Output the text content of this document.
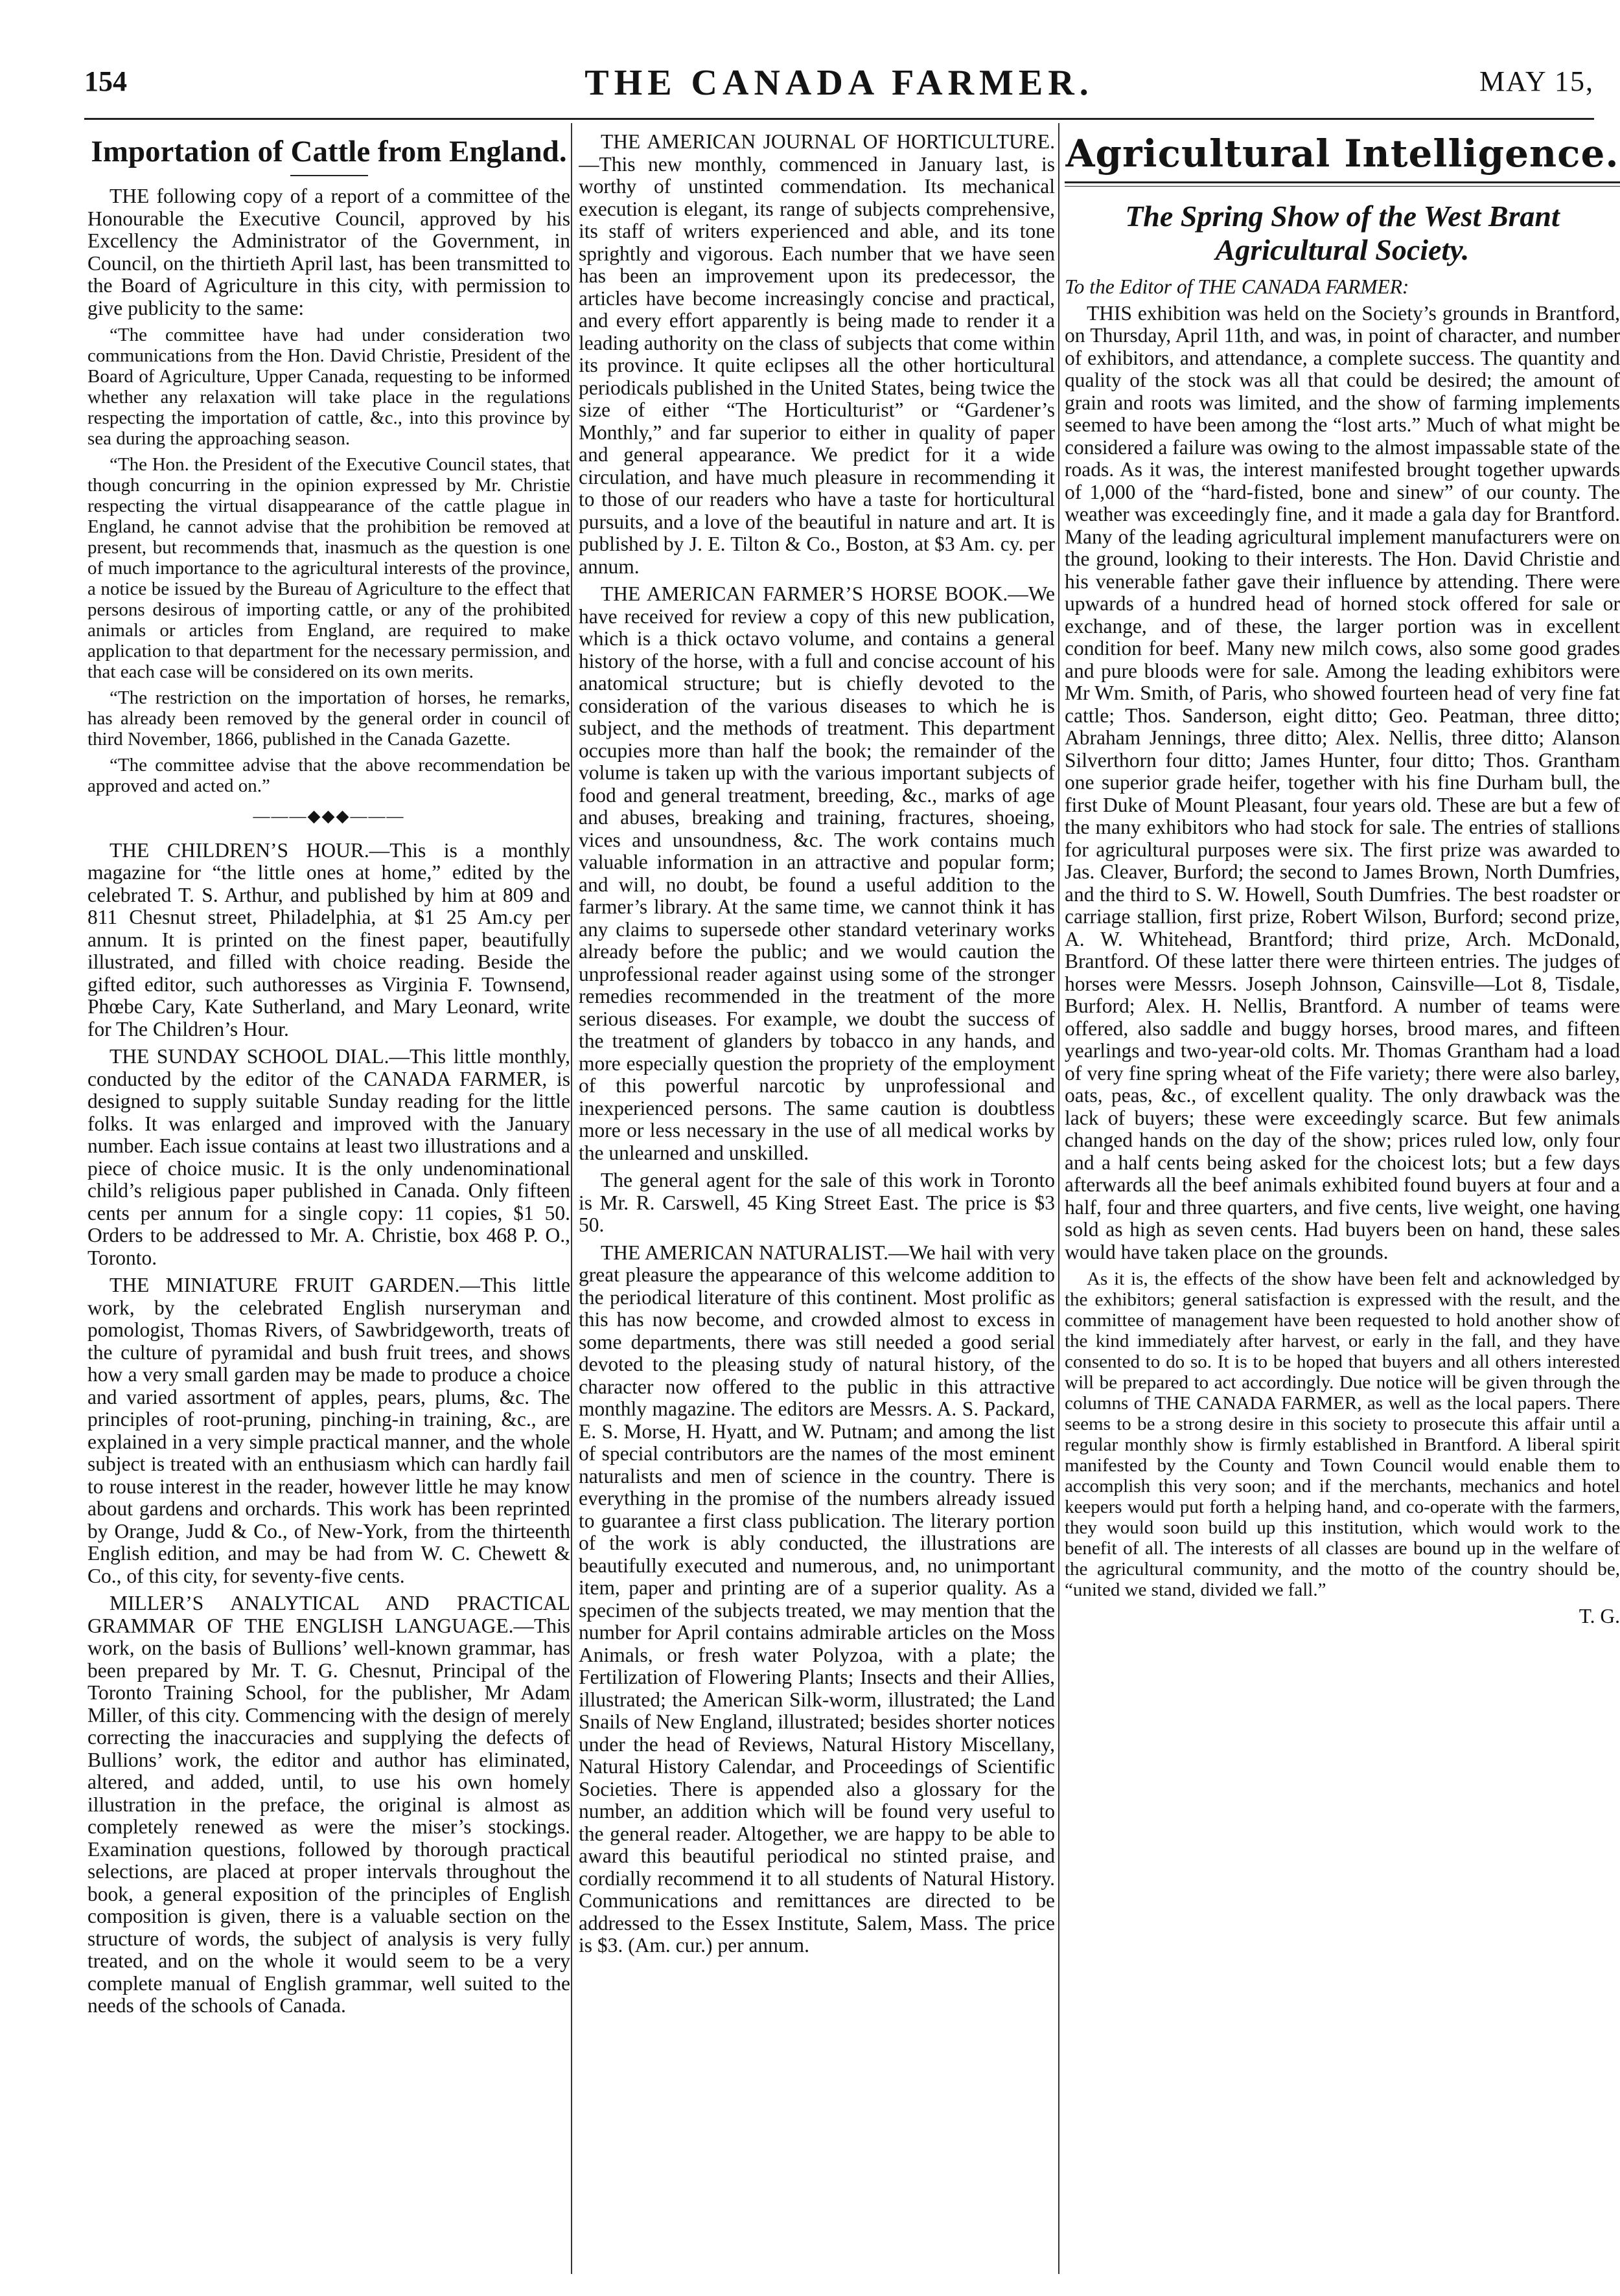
154	THE CANADA FARMER.	MAY 15,
Importation of Cattle from England.

THE following copy of a report of a committee of the Honourable the Executive Council, approved by his Excellency the Administrator of the Government, in Council, on the thirtieth April last, has been transmitted to the Board of Agriculture in this city, with permission to give publicity to the same:

“The committee have had under consideration two communications from the Hon. David Christie, President of the Board of Agriculture, Upper Canada, requesting to be informed whether any relaxation will take place in the regulations respecting the importation of cattle, &c., into this province by sea during the approaching season.

“The Hon. the President of the Executive Council states, that though concurring in the opinion expressed by Mr. Christie respecting the virtual disappearance of the cattle plague in England, he cannot advise that the prohibition be removed at present, but recommends that, inasmuch as the question is one of much importance to the agricultural interests of the province, a notice be issued by the Bureau of Agriculture to the effect that persons desirous of importing cattle, or any of the prohibited animals or articles from England, are required to make application to that department for the necessary permission, and that each case will be considered on its own merits.

“The restriction on the importation of horses, he remarks, has already been removed by the general order in council of third November, 1866, published in the Canada Gazette.

“The committee advise that the above recommendation be approved and acted on.”

———◆◆◆———

THE CHILDREN’S HOUR.—This is a monthly magazine for “the little ones at home,” edited by the celebrated T. S. Arthur, and published by him at 809 and 811 Chesnut street, Philadelphia, at $1 25 Am.cy per annum. It is printed on the finest paper, beautifully illustrated, and filled with choice reading. Beside the gifted editor, such authoresses as Virginia F. Townsend, Phœbe Cary, Kate Sutherland, and Mary Leonard, write for The Children’s Hour.

THE SUNDAY SCHOOL DIAL.—This little monthly, conducted by the editor of the CANADA FARMER, is designed to supply suitable Sunday reading for the little folks. It was enlarged and improved with the January number. Each issue contains at least two illustrations and a piece of choice music. It is the only undenominational child’s religious paper published in Canada. Only fifteen cents per annum for a single copy: 11 copies, $1 50. Orders to be addressed to Mr. A. Christie, box 468 P. O., Toronto.

THE MINIATURE FRUIT GARDEN.—This little work, by the celebrated English nurseryman and pomologist, Thomas Rivers, of Sawbridgeworth, treats of the culture of pyramidal and bush fruit trees, and shows how a very small garden may be made to produce a choice and varied assortment of apples, pears, plums, &c. The principles of root-pruning, pinching-in training, &c., are explained in a very simple practical manner, and the whole subject is treated with an enthusiasm which can hardly fail to rouse interest in the reader, however little he may know about gardens and orchards. This work has been reprinted by Orange, Judd & Co., of New-York, from the thirteenth English edition, and may be had from W. C. Chewett & Co., of this city, for seventy-five cents.

MILLER’S ANALYTICAL AND PRACTICAL GRAMMAR OF THE ENGLISH LANGUAGE.—This work, on the basis of Bullions’ well-known grammar, has been prepared by Mr. T. G. Chesnut, Principal of the Toronto Training School, for the publisher, Mr Adam Miller, of this city. Commencing with the design of merely correcting the inaccuracies and supplying the defects of Bullions’ work, the editor and author has eliminated, altered, and added, until, to use his own homely illustration in the preface, the original is almost as completely renewed as were the miser’s stockings. Examination questions, followed by thorough practical selections, are placed at proper intervals throughout the book, a general exposition of the principles of English composition is given, there is a valuable section on the structure of words, the subject of analysis is very fully treated, and on the whole it would seem to be a very complete manual of English grammar, well suited to the needs of the schools of Canada.

THE AMERICAN JOURNAL OF HORTICULTURE.—This new monthly, commenced in January last, is worthy of unstinted commendation. Its mechanical execution is elegant, its range of subjects comprehensive, its staff of writers experienced and able, and its tone sprightly and vigorous. Each number that we have seen has been an improvement upon its predecessor, the articles have become increasingly concise and practical, and every effort apparently is being made to render it a leading authority on the class of subjects that come within its province. It quite eclipses all the other horticultural periodicals published in the United States, being twice the size of either “The Horticulturist” or “Gardener’s Monthly,” and far superior to either in quality of paper and general appearance. We predict for it a wide circulation, and have much pleasure in recommending it to those of our readers who have a taste for horticultural pursuits, and a love of the beautiful in nature and art. It is published by J. E. Tilton & Co., Boston, at $3 Am. cy. per annum.

THE AMERICAN FARMER’S HORSE BOOK.—We have received for review a copy of this new publication, which is a thick octavo volume, and contains a general history of the horse, with a full and concise account of his anatomical structure; but is chiefly devoted to the consideration of the various diseases to which he is subject, and the methods of treatment. This department occupies more than half the book; the remainder of the volume is taken up with the various important subjects of food and general treatment, breeding, &c., marks of age and abuses, breaking and training, fractures, shoeing, vices and unsoundness, &c. The work contains much valuable information in an attractive and popular form; and will, no doubt, be found a useful addition to the farmer’s library. At the same time, we cannot think it has any claims to supersede other standard veterinary works already before the public; and we would caution the unprofessional reader against using some of the stronger remedies recommended in the treatment of the more serious diseases. For example, we doubt the success of the treatment of glanders by tobacco in any hands, and more especially question the propriety of the employment of this powerful narcotic by unprofessional and inexperienced persons. The same caution is doubtless more or less necessary in the use of all medical works by the unlearned and unskilled.

The general agent for the sale of this work in Toronto is Mr. R. Carswell, 45 King Street East. The price is $3 50.

THE AMERICAN NATURALIST.—We hail with very great pleasure the appearance of this welcome addition to the periodical literature of this continent. Most prolific as this has now become, and crowded almost to excess in some departments, there was still needed a good serial devoted to the pleasing study of natural history, of the character now offered to the public in this attractive monthly magazine. The editors are Messrs. A. S. Packard, E. S. Morse, H. Hyatt, and W. Putnam; and among the list of special contributors are the names of the most eminent naturalists and men of science in the country. There is everything in the promise of the numbers already issued to guarantee a first class publication. The literary portion of the work is ably conducted, the illustrations are beautifully executed and numerous, and, no unimportant item, paper and printing are of a superior quality. As a specimen of the subjects treated, we may mention that the number for April contains admirable articles on the Moss Animals, or fresh water Polyzoa, with a plate; the Fertilization of Flowering Plants; Insects and their Allies, illustrated; the American Silk-worm, illustrated; the Land Snails of New England, illustrated; besides shorter notices under the head of Reviews, Natural History Miscellany, Natural History Calendar, and Proceedings of Scientific Societies. There is appended also a glossary for the number, an addition which will be found very useful to the general reader. Altogether, we are happy to be able to award this beautiful periodical no stinted praise, and cordially recommend it to all students of Natural History. Communications and remittances are directed to be addressed to the Essex Institute, Salem, Mass. The price is $3. (Am. cur.) per annum.

Agricultural Intelligence.
The Spring Show of the West Brant Agricultural Society.

To the Editor of THE CANADA FARMER:

THIS exhibition was held on the Society’s grounds in Brantford, on Thursday, April 11th, and was, in point of character, and number of exhibitors, and attendance, a complete success. The quantity and quality of the stock was all that could be desired; the amount of grain and roots was limited, and the show of farming implements seemed to have been among the “lost arts.” Much of what might be considered a failure was owing to the almost impassable state of the roads. As it was, the interest manifested brought together upwards of 1,000 of the “hard-fisted, bone and sinew” of our county. The weather was exceedingly fine, and it made a gala day for Brantford. Many of the leading agricultural implement manufacturers were on the ground, looking to their interests. The Hon. David Christie and his venerable father gave their influence by attending. There were upwards of a hundred head of horned stock offered for sale or exchange, and of these, the larger portion was in excellent condition for beef. Many new milch cows, also some good grades and pure bloods were for sale. Among the leading exhibitors were Mr Wm. Smith, of Paris, who showed fourteen head of very fine fat cattle; Thos. Sanderson, eight ditto; Geo. Peatman, three ditto; Abraham Jennings, three ditto; Alex. Nellis, three ditto; Alanson Silverthorn four ditto; James Hunter, four ditto; Thos. Grantham one superior grade heifer, together with his fine Durham bull, the first Duke of Mount Pleasant, four years old. These are but a few of the many exhibitors who had stock for sale. The entries of stallions for agricultural purposes were six. The first prize was awarded to Jas. Cleaver, Burford; the second to James Brown, North Dumfries, and the third to S. W. Howell, South Dumfries. The best roadster or carriage stallion, first prize, Robert Wilson, Burford; second prize, A. W. Whitehead, Brantford; third prize, Arch. McDonald, Brantford. Of these latter there were thirteen entries. The judges of horses were Messrs. Joseph Johnson, Cainsville—Lot 8, Tisdale, Burford; Alex. H. Nellis, Brantford. A number of teams were offered, also saddle and buggy horses, brood mares, and fifteen yearlings and two-year-old colts. Mr. Thomas Grantham had a load of very fine spring wheat of the Fife variety; there were also barley, oats, peas, &c., of excellent quality. The only drawback was the lack of buyers; these were exceedingly scarce. But few animals changed hands on the day of the show; prices ruled low, only four and a half cents being asked for the choicest lots; but a few days afterwards all the beef animals exhibited found buyers at four and a half, four and three quarters, and five cents, live weight, one having sold as high as seven cents. Had buyers been on hand, these sales would have taken place on the grounds.

As it is, the effects of the show have been felt and acknowledged by the exhibitors; general satisfaction is expressed with the result, and the committee of management have been requested to hold another show of the kind immediately after harvest, or early in the fall, and they have consented to do so. It is to be hoped that buyers and all others interested will be prepared to act accordingly. Due notice will be given through the columns of THE CANADA FARMER, as well as the local papers. There seems to be a strong desire in this society to prosecute this affair until a regular monthly show is firmly established in Brantford. A liberal spirit manifested by the County and Town Council would enable them to accomplish this very soon; and if the merchants, mechanics and hotel keepers would put forth a helping hand, and co-operate with the farmers, they would soon build up this institution, which would work to the benefit of all. The interests of all classes are bound up in the welfare of the agricultural community, and the motto of the country should be, “united we stand, divided we fall.”

T. G.
